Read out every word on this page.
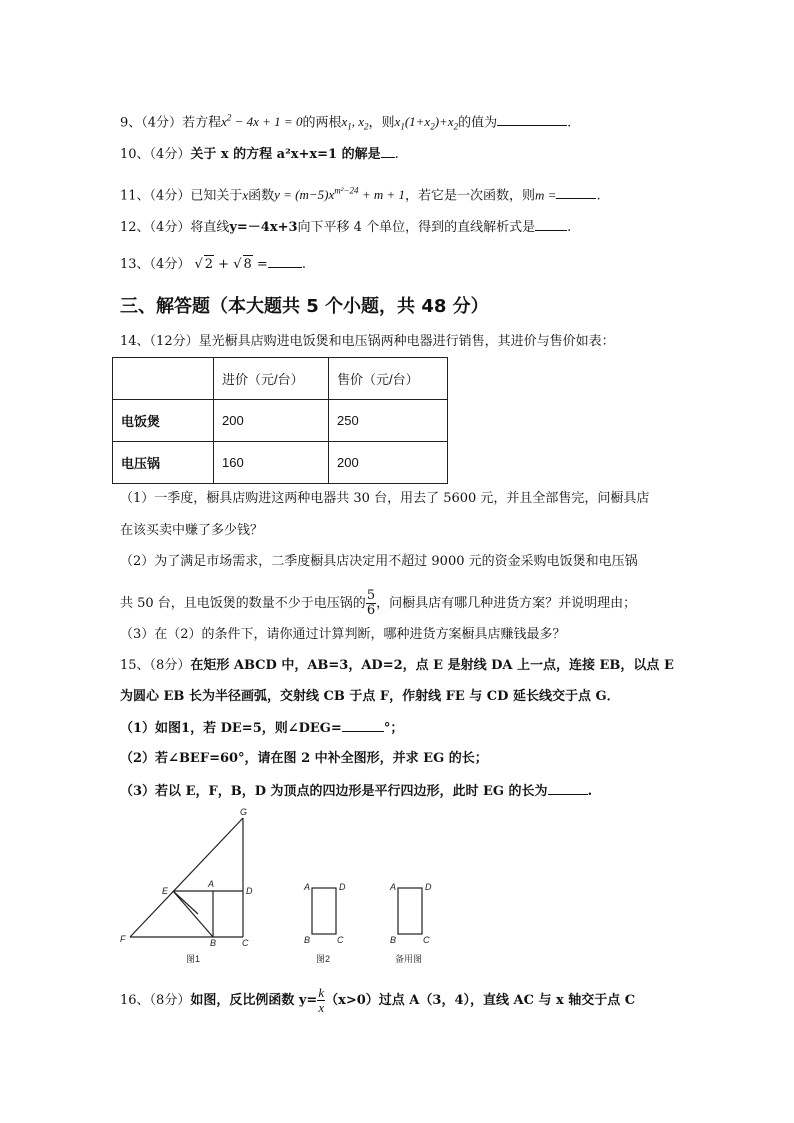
9、（4分）若方程$x^2 - 4x + 1 = 0$的两根$x_1$, $x_2$，则$x_1(1+x_2)+x_2$的值为	.
10、（4分）关于 x 的方程 a²x+x=1 的解是 .
11、（4分）已知关于x函数$y = (m-5)x^{m^2-24} + m + 1$，若它是一次函数，则m =	.
12、（4分）将直线y=－4x+3向下平移 4 个单位，得到的直线解析式是 .
13、（4分） √ 2 + √ 8 =	.
三、解答题（本大题共 5 个小题，共 48 分）
14、（12分）星光橱具店购进电饭煲和电压锅两种电器进行销售，其进价与售价如表：
	进价（元/台）	售价（元/台）
电饭煲	200	250
电压锅	160	200
（1）一季度，橱具店购进这两种电器共 30 台，用去了 5600 元，并且全部售完，问橱具店
在该买卖中赚了多少钱？
（2）为了满足市场需求，二季度橱具店决定用不超过 9000 元的资金采购电饭煲和电压锅
共 50 台，且电饭煲的数量不少于电压锅的 $\frac{5}{6}$ ，问橱具店有哪几种进货方案？并说明理由；
（3）在（2）的条件下，请你通过计算判断，哪种进货方案橱具店赚钱最多？
15、（8分）在矩形 ABCD 中，AB=3，AD=2，点 E 是射线 DA 上一点，连接 EB，以点 E
为圆心 EB 长为半径画弧，交射线 CB 于点 F，作射线 FE 与 CD 延长线交于点 G．
（1）如图1，若 DE=5，则∠DEG=	°；
（2）若∠BEF=60°，请在图 2 中补全图形，并求 EG 的长；
（3）若以 E，F，B，D 为顶点的四边形是平行四边形，此时 EG 的长为	.
G
E
A
D
F	B	C
图1
A	D
B	C
图2
A	D
B	C
备用图
16、（8分）如图，反比例函数 $y= \frac{k}{x} (x>0)$过点 A（3，4），直线 AC 与 x 轴交于点 C
